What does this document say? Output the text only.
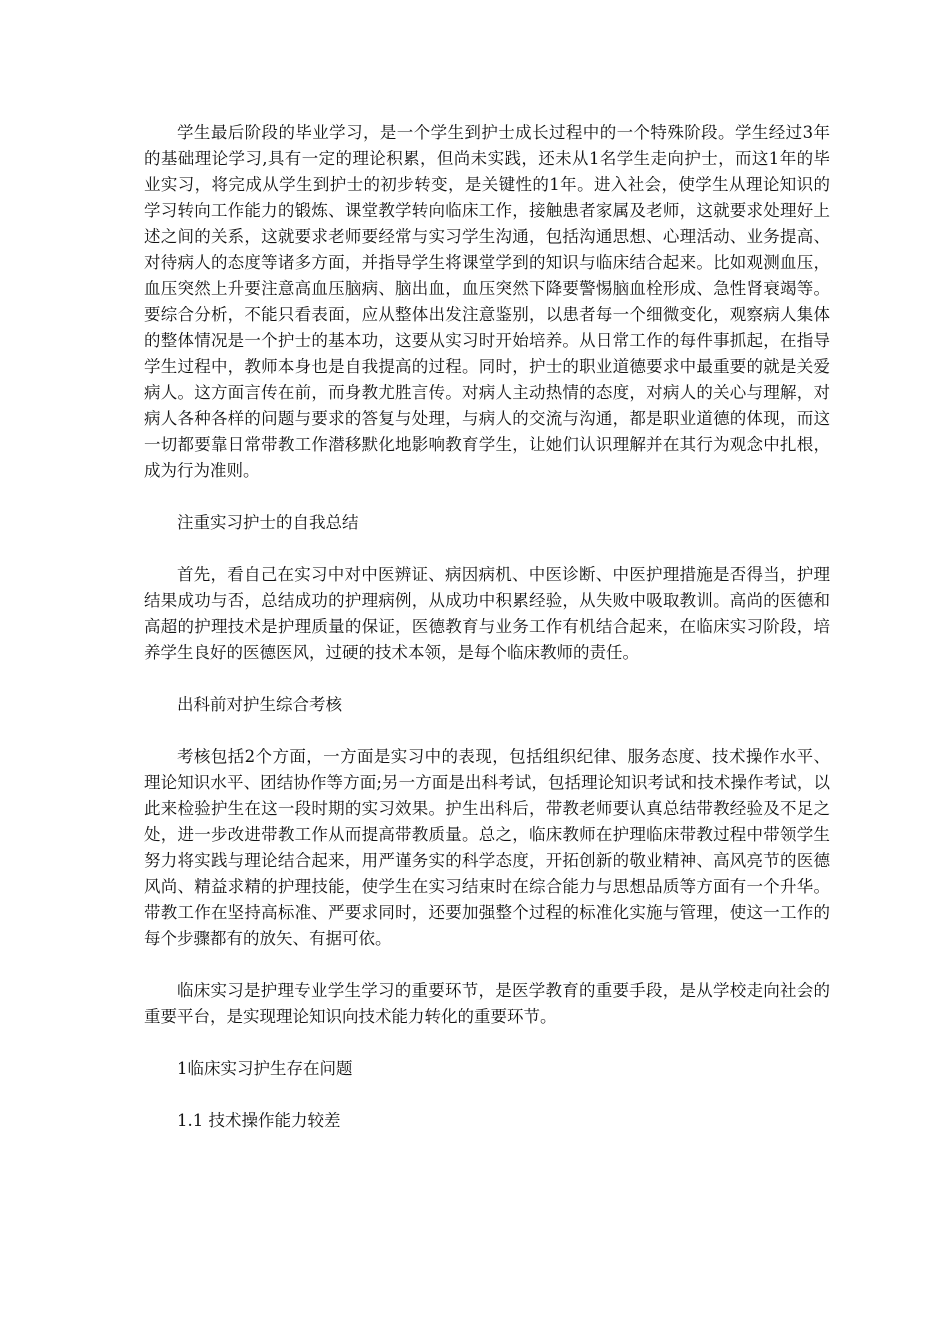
学生最后阶段的毕业学习，是一个学生到护士成长过程中的一个特殊阶段。学生经过3年的基础理论学习,具有一定的理论积累，但尚未实践，还未从1名学生走向护士，而这1年的毕业实习，将完成从学生到护士的初步转变，是关键性的1年。进入社会，使学生从理论知识的学习转向工作能力的锻炼、课堂教学转向临床工作，接触患者家属及老师，这就要求处理好上述之间的关系，这就要求老师要经常与实习学生沟通，包括沟通思想、心理活动、业务提高、对待病人的态度等诸多方面，并指导学生将课堂学到的知识与临床结合起来。比如观测血压，血压突然上升要注意高血压脑病、脑出血，血压突然下降要警惕脑血栓形成、急性肾衰竭等。要综合分析，不能只看表面，应从整体出发注意鉴别，以患者每一个细微变化，观察病人集体的整体情况是一个护士的基本功，这要从实习时开始培养。从日常工作的每件事抓起，在指导学生过程中，教师本身也是自我提高的过程。同时，护士的职业道德要求中最重要的就是关爱病人。这方面言传在前，而身教尤胜言传。对病人主动热情的态度，对病人的关心与理解，对病人各种各样的问题与要求的答复与处理，与病人的交流与沟通，都是职业道德的体现，而这一切都要靠日常带教工作潜移默化地影响教育学生，让她们认识理解并在其行为观念中扎根，成为行为准则。

注重实习护士的自我总结

首先，看自己在实习中对中医辨证、病因病机、中医诊断、中医护理措施是否得当，护理结果成功与否，总结成功的护理病例，从成功中积累经验，从失败中吸取教训。高尚的医德和高超的护理技术是护理质量的保证，医德教育与业务工作有机结合起来，在临床实习阶段，培养学生良好的医德医风，过硬的技术本领，是每个临床教师的责任。

出科前对护生综合考核

考核包括2个方面，一方面是实习中的表现，包括组织纪律、服务态度、技术操作水平、理论知识水平、团结协作等方面;另一方面是出科考试，包括理论知识考试和技术操作考试，以此来检验护生在这一段时期的实习效果。护生出科后，带教老师要认真总结带教经验及不足之处，进一步改进带教工作从而提高带教质量。总之，临床教师在护理临床带教过程中带领学生努力将实践与理论结合起来，用严谨务实的科学态度，开拓创新的敬业精神、高风亮节的医德风尚、精益求精的护理技能，使学生在实习结束时在综合能力与思想品质等方面有一个升华。带教工作在坚持高标准、严要求同时，还要加强整个过程的标准化实施与管理，使这一工作的每个步骤都有的放矢、有据可依。

临床实习是护理专业学生学习的重要环节，是医学教育的重要手段，是从学校走向社会的重要平台，是实现理论知识向技术能力转化的重要环节。

1临床实习护生存在问题

1.1 技术操作能力较差
